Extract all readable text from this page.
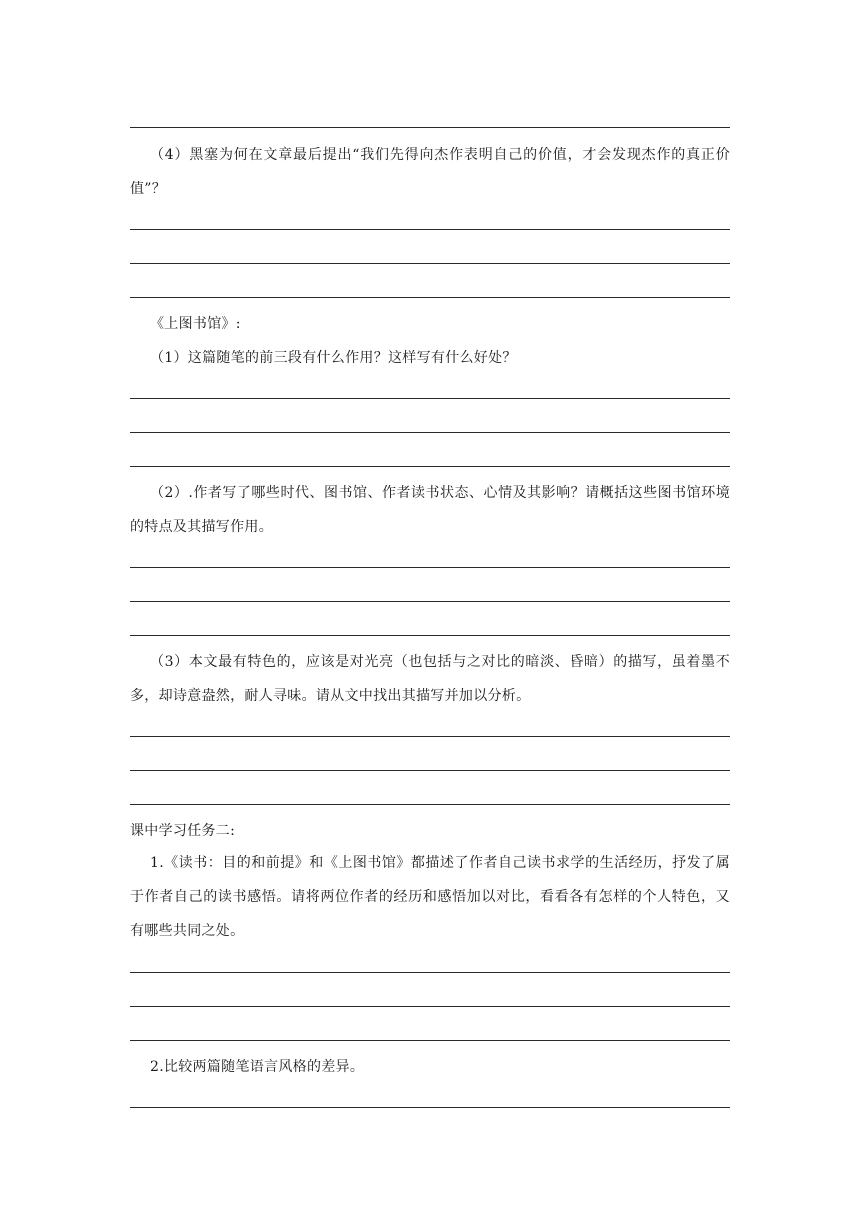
（4）黑塞为何在文章最后提出“我们先得向杰作表明自己的价值，才会发现杰作的真正价值”？

《上图书馆》:

（1）这篇随笔的前三段有什么作用？这样写有什么好处？

（2）.作者写了哪些时代、图书馆、作者读书状态、心情及其影响？请概括这些图书馆环境的特点及其描写作用。

（3）本文最有特色的，应该是对光亮（也包括与之对比的暗淡、昏暗）的描写，虽着墨不多，却诗意盎然，耐人寻味。请从文中找出其描写并加以分析。

课中学习任务二:

1.《读书：目的和前提》和《上图书馆》都描述了作者自己读书求学的生活经历，抒发了属于作者自己的读书感悟。请将两位作者的经历和感悟加以对比，看看各有怎样的个人特色，又有哪些共同之处。

2.比较两篇随笔语言风格的差异。
